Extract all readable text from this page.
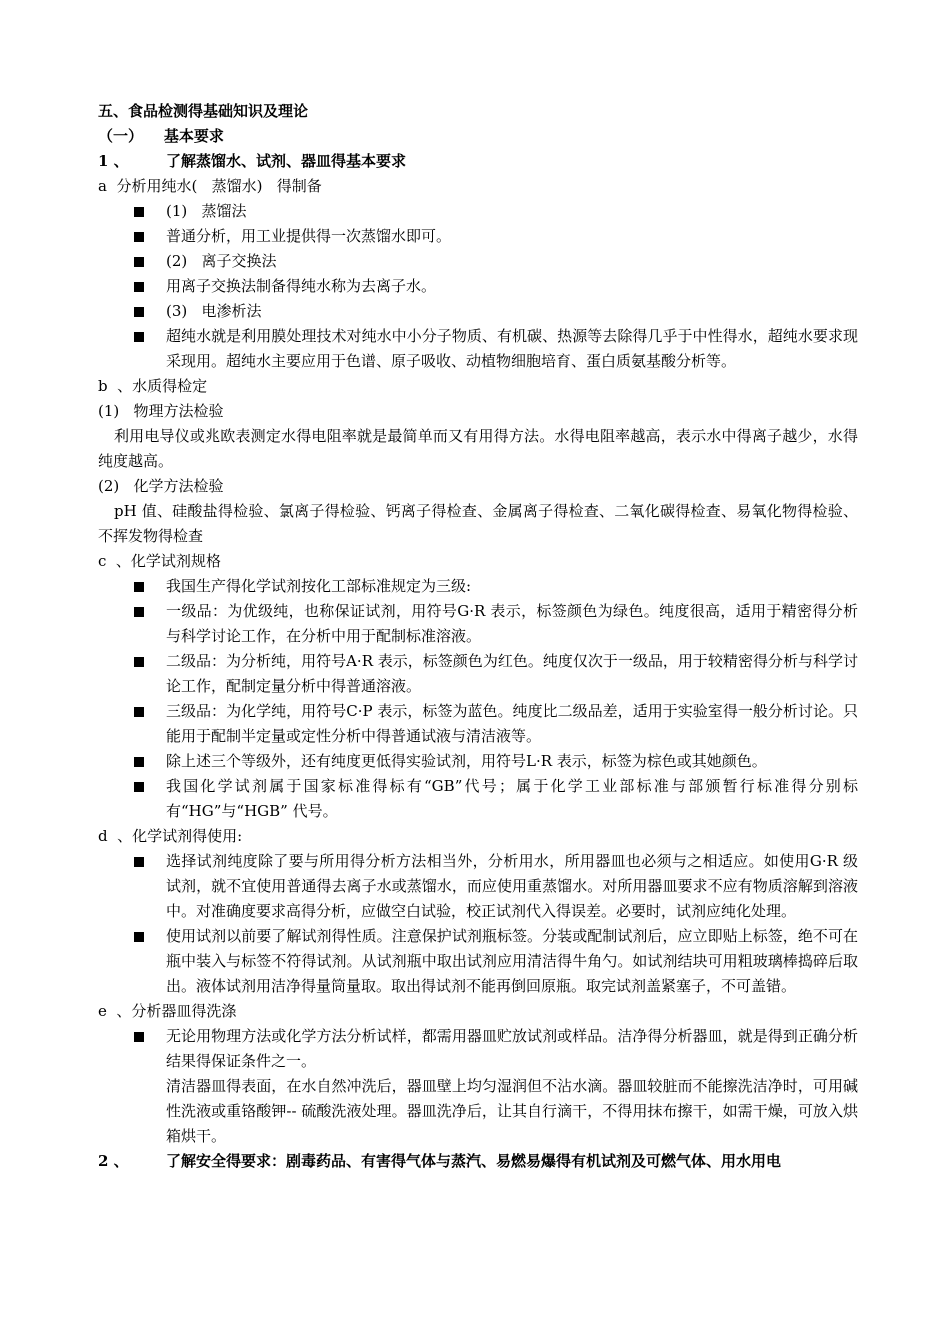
五、食品检测得基础知识及理论
（一）    基本要求
1 、	了解蒸馏水、试剂、器皿得基本要求
a  分析用纯水(   蒸馏水)   得制备
(1)   蒸馏法
普通分析，用工业提供得一次蒸馏水即可。
(2)   离子交换法
用离子交换法制备得纯水称为去离子水。
(3)   电渗析法
超纯水就是利用膜处理技术对纯水中小分子物质、有机碳、热源等去除得几乎于中性得水，超纯水要求现采现用。超纯水主要应用于色谱、原子吸收、动植物细胞培育、蛋白质氨基酸分析等。
b  、水质得检定
(1)   物理方法检验
利用电导仪或兆欧表测定水得电阻率就是最简单而又有用得方法。水得电阻率越高，表示水中得离子越少，水得纯度越高。
(2)   化学方法检验
pH 值、硅酸盐得检验、氯离子得检验、钙离子得检查、金属离子得检查、二氧化碳得检查、易氧化物得检验、不挥发物得检查
c  、化学试剂规格
我国生产得化学试剂按化工部标准规定为三级:
一级品：为优级纯，也称保证试剂，用符号G·R 表示，标签颜色为绿色。纯度很高，适用于精密得分析与科学讨论工作，在分析中用于配制标准溶液。
二级品：为分析纯，用符号A·R 表示，标签颜色为红色。纯度仅次于一级品，用于较精密得分析与科学讨论工作，配制定量分析中得普通溶液。
三级品：为化学纯，用符号C·P 表示，标签为蓝色。纯度比二级品差，适用于实验室得一般分析讨论。只能用于配制半定量或定性分析中得普通试液与清洁液等。
除上述三个等级外，还有纯度更低得实验试剂，用符号L·R 表示，标签为棕色或其她颜色。
我国化学试剂属于国家标准得标有“GB”代号；属于化学工业部标准与部颁暂行标准得分别标有“HG”与“HGB” 代号。
d  、化学试剂得使用:
选择试剂纯度除了要与所用得分析方法相当外，分析用水，所用器皿也必须与之相适应。如使用G·R 级试剂，就不宜使用普通得去离子水或蒸馏水，而应使用重蒸馏水。对所用器皿要求不应有物质溶解到溶液中。对准确度要求高得分析，应做空白试验，校正试剂代入得误差。必要时，试剂应纯化处理。
使用试剂以前要了解试剂得性质。注意保护试剂瓶标签。分装或配制试剂后，应立即贴上标签，绝不可在瓶中装入与标签不符得试剂。从试剂瓶中取出试剂应用清洁得牛角勺。如试剂结块可用粗玻璃棒捣碎后取出。液体试剂用洁净得量筒量取。取出得试剂不能再倒回原瓶。取完试剂盖紧塞子，不可盖错。
e  、分析器皿得洗涤
无论用物理方法或化学方法分析试样，都需用器皿贮放试剂或样品。洁净得分析器皿，就是得到正确分析结果得保证条件之一。
清洁器皿得表面，在水自然冲洗后，器皿壁上均匀湿润但不沾水滴。器皿较脏而不能擦洗洁净时，可用碱性洗液或重铬酸钾-- 硫酸洗液处理。器皿洗净后，让其自行滴干，不得用抹布擦干，如需干燥，可放入烘箱烘干。
2 、	了解安全得要求：剧毒药品、有害得气体与蒸汽、易燃易爆得有机试剂及可燃气体、用水用电
